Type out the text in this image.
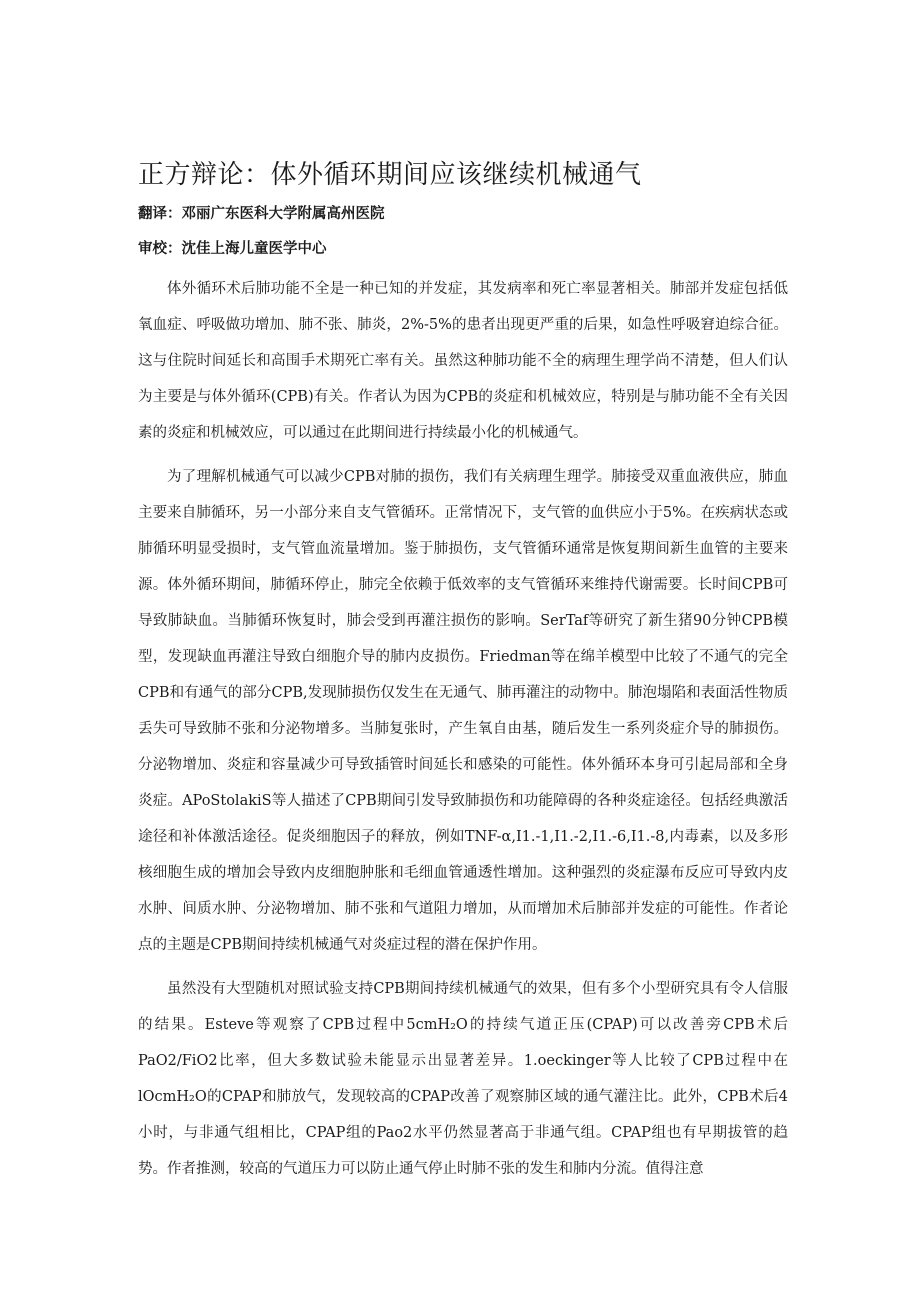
正方辩论：体外循环期间应该继续机械通气

翻译：邓丽广东医科大学附属高州医院

审校：沈佳上海儿童医学中心

体外循环术后肺功能不全是一种已知的并发症，其发病率和死亡率显著相关。肺部并发症包括低氧血症、呼吸做功增加、肺不张、肺炎，2%-5%的患者出现更严重的后果，如急性呼吸窘迫综合征。这与住院时间延长和高围手术期死亡率有关。虽然这种肺功能不全的病理生理学尚不清楚，但人们认为主要是与体外循环(CPB)有关。作者认为因为CPB的炎症和机械效应，特别是与肺功能不全有关因素的炎症和机械效应，可以通过在此期间进行持续最小化的机械通气。

为了理解机械通气可以减少CPB对肺的损伤，我们有关病理生理学。肺接受双重血液供应，肺血主要来自肺循环，另一小部分来自支气管循环。正常情况下，支气管的血供应小于5%。在疾病状态或肺循环明显受损时，支气管血流量增加。鉴于肺损伤，支气管循环通常是恢复期间新生血管的主要来源。体外循环期间，肺循环停止，肺完全依赖于低效率的支气管循环来维持代谢需要。长时间CPB可导致肺缺血。当肺循环恢复时，肺会受到再灌注损伤的影响。SerTaf等研究了新生猪90分钟CPB模型，发现缺血再灌注导致白细胞介导的肺内皮损伤。Friedman等在绵羊模型中比较了不通气的完全CPB和有通气的部分CPB,发现肺损伤仅发生在无通气、肺再灌注的动物中。肺泡塌陷和表面活性物质丢失可导致肺不张和分泌物增多。当肺复张时，产生氧自由基，随后发生一系列炎症介导的肺损伤。分泌物增加、炎症和容量减少可导致插管时间延长和感染的可能性。体外循环本身可引起局部和全身炎症。APoStolakiS等人描述了CPB期间引发导致肺损伤和功能障碍的各种炎症途径。包括经典激活途径和补体激活途径。促炎细胞因子的释放，例如TNF-α,I1.-1,I1.-2,I1.-6,I1.-8,内毒素，以及多形核细胞生成的增加会导致内皮细胞肿胀和毛细血管通透性增加。这种强烈的炎症瀑布反应可导致内皮水肿、间质水肿、分泌物增加、肺不张和气道阻力增加，从而增加术后肺部并发症的可能性。作者论点的主题是CPB期间持续机械通气对炎症过程的潜在保护作用。

虽然没有大型随机对照试验支持CPB期间持续机械通气的效果，但有多个小型研究具有令人信服的结果。Esteve等观察了CPB过程中5cmH₂O的持续气道正压(CPAP)可以改善旁CPB术后PaO2/FiO2比率，但大多数试验未能显示出显著差异。1.oeckinger等人比较了CPB过程中在lOcmH₂O的CPAP和肺放气，发现较高的CPAP改善了观察肺区域的通气灌注比。此外，CPB术后4小时，与非通气组相比，CPAP组的Pao2水平仍然显著高于非通气组。CPAP组也有早期拔管的趋势。作者推测，较高的气道压力可以防止通气停止时肺不张的发生和肺内分流。值得注意
